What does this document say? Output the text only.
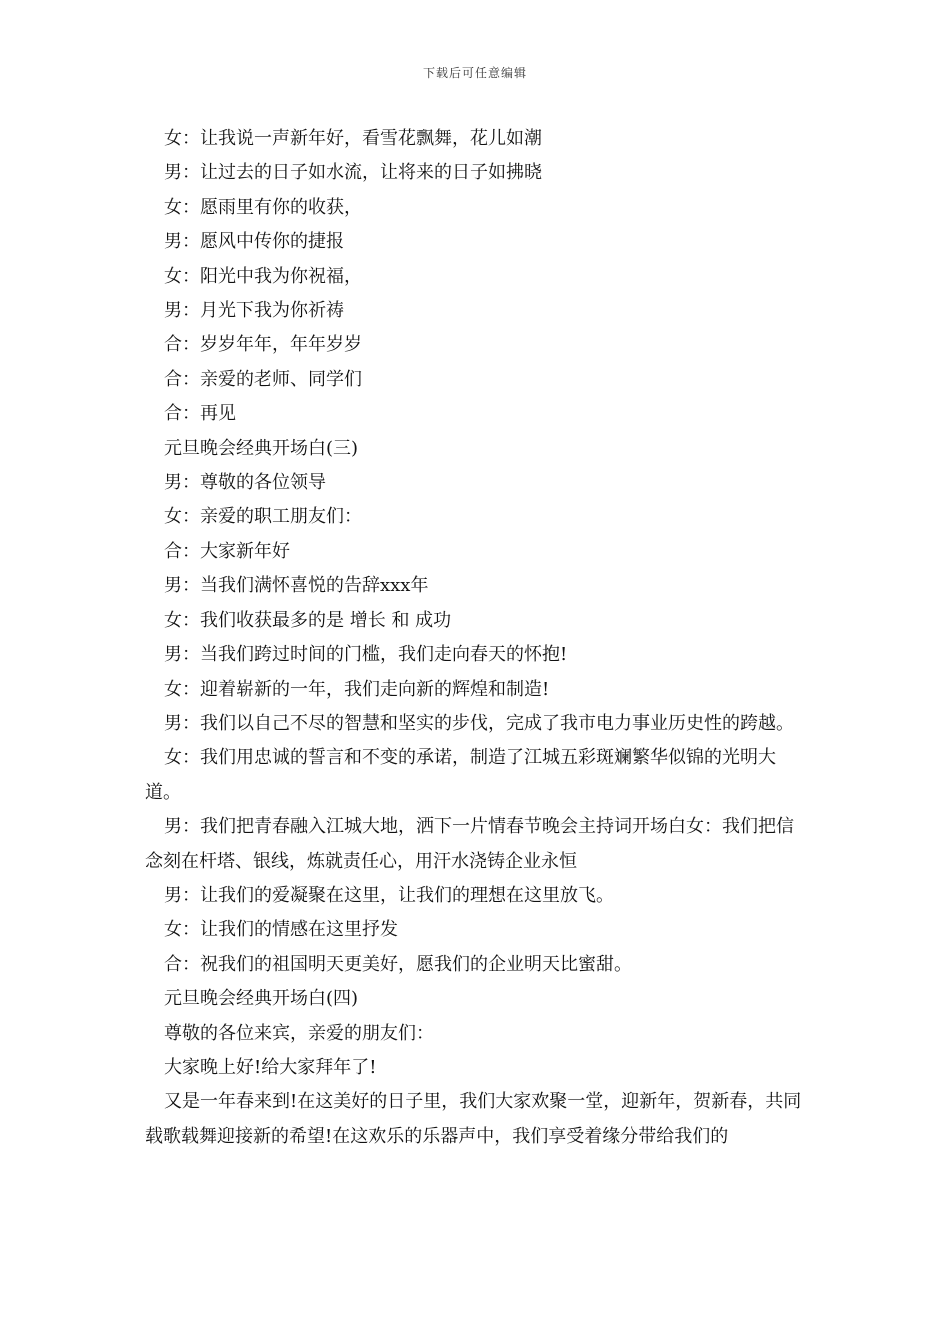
下载后可任意编辑

女：让我说一声新年好，看雪花飘舞，花儿如潮

男：让过去的日子如水流，让将来的日子如拂晓

女：愿雨里有你的收获，

男：愿风中传你的捷报

女：阳光中我为你祝福，

男：月光下我为你祈祷

合：岁岁年年，年年岁岁

合：亲爱的老师、同学们

合：再见

元旦晚会经典开场白(三)

男：尊敬的各位领导

女：亲爱的职工朋友们：

合：大家新年好

男：当我们满怀喜悦的告辞xxx年

女：我们收获最多的是 增长 和 成功

男：当我们跨过时间的门槛，我们走向春天的怀抱!

女：迎着崭新的一年，我们走向新的辉煌和制造!

男：我们以自己不尽的智慧和坚实的步伐，完成了我市电力事业历史性的跨越。

女：我们用忠诚的誓言和不变的承诺，制造了江城五彩斑斓繁华似锦的光明大道。

男：我们把青春融入江城大地，洒下一片情春节晚会主持词开场白女：我们把信念刻在杆塔、银线，炼就责任心，用汗水浇铸企业永恒

男：让我们的爱凝聚在这里，让我们的理想在这里放飞。

女：让我们的情感在这里抒发

合：祝我们的祖国明天更美好，愿我们的企业明天比蜜甜。

元旦晚会经典开场白(四)

尊敬的各位来宾，亲爱的朋友们：

大家晚上好!给大家拜年了!

又是一年春来到!在这美好的日子里，我们大家欢聚一堂，迎新年，贺新春，共同载歌载舞迎接新的希望!在这欢乐的乐器声中，我们享受着缘分带给我们的
